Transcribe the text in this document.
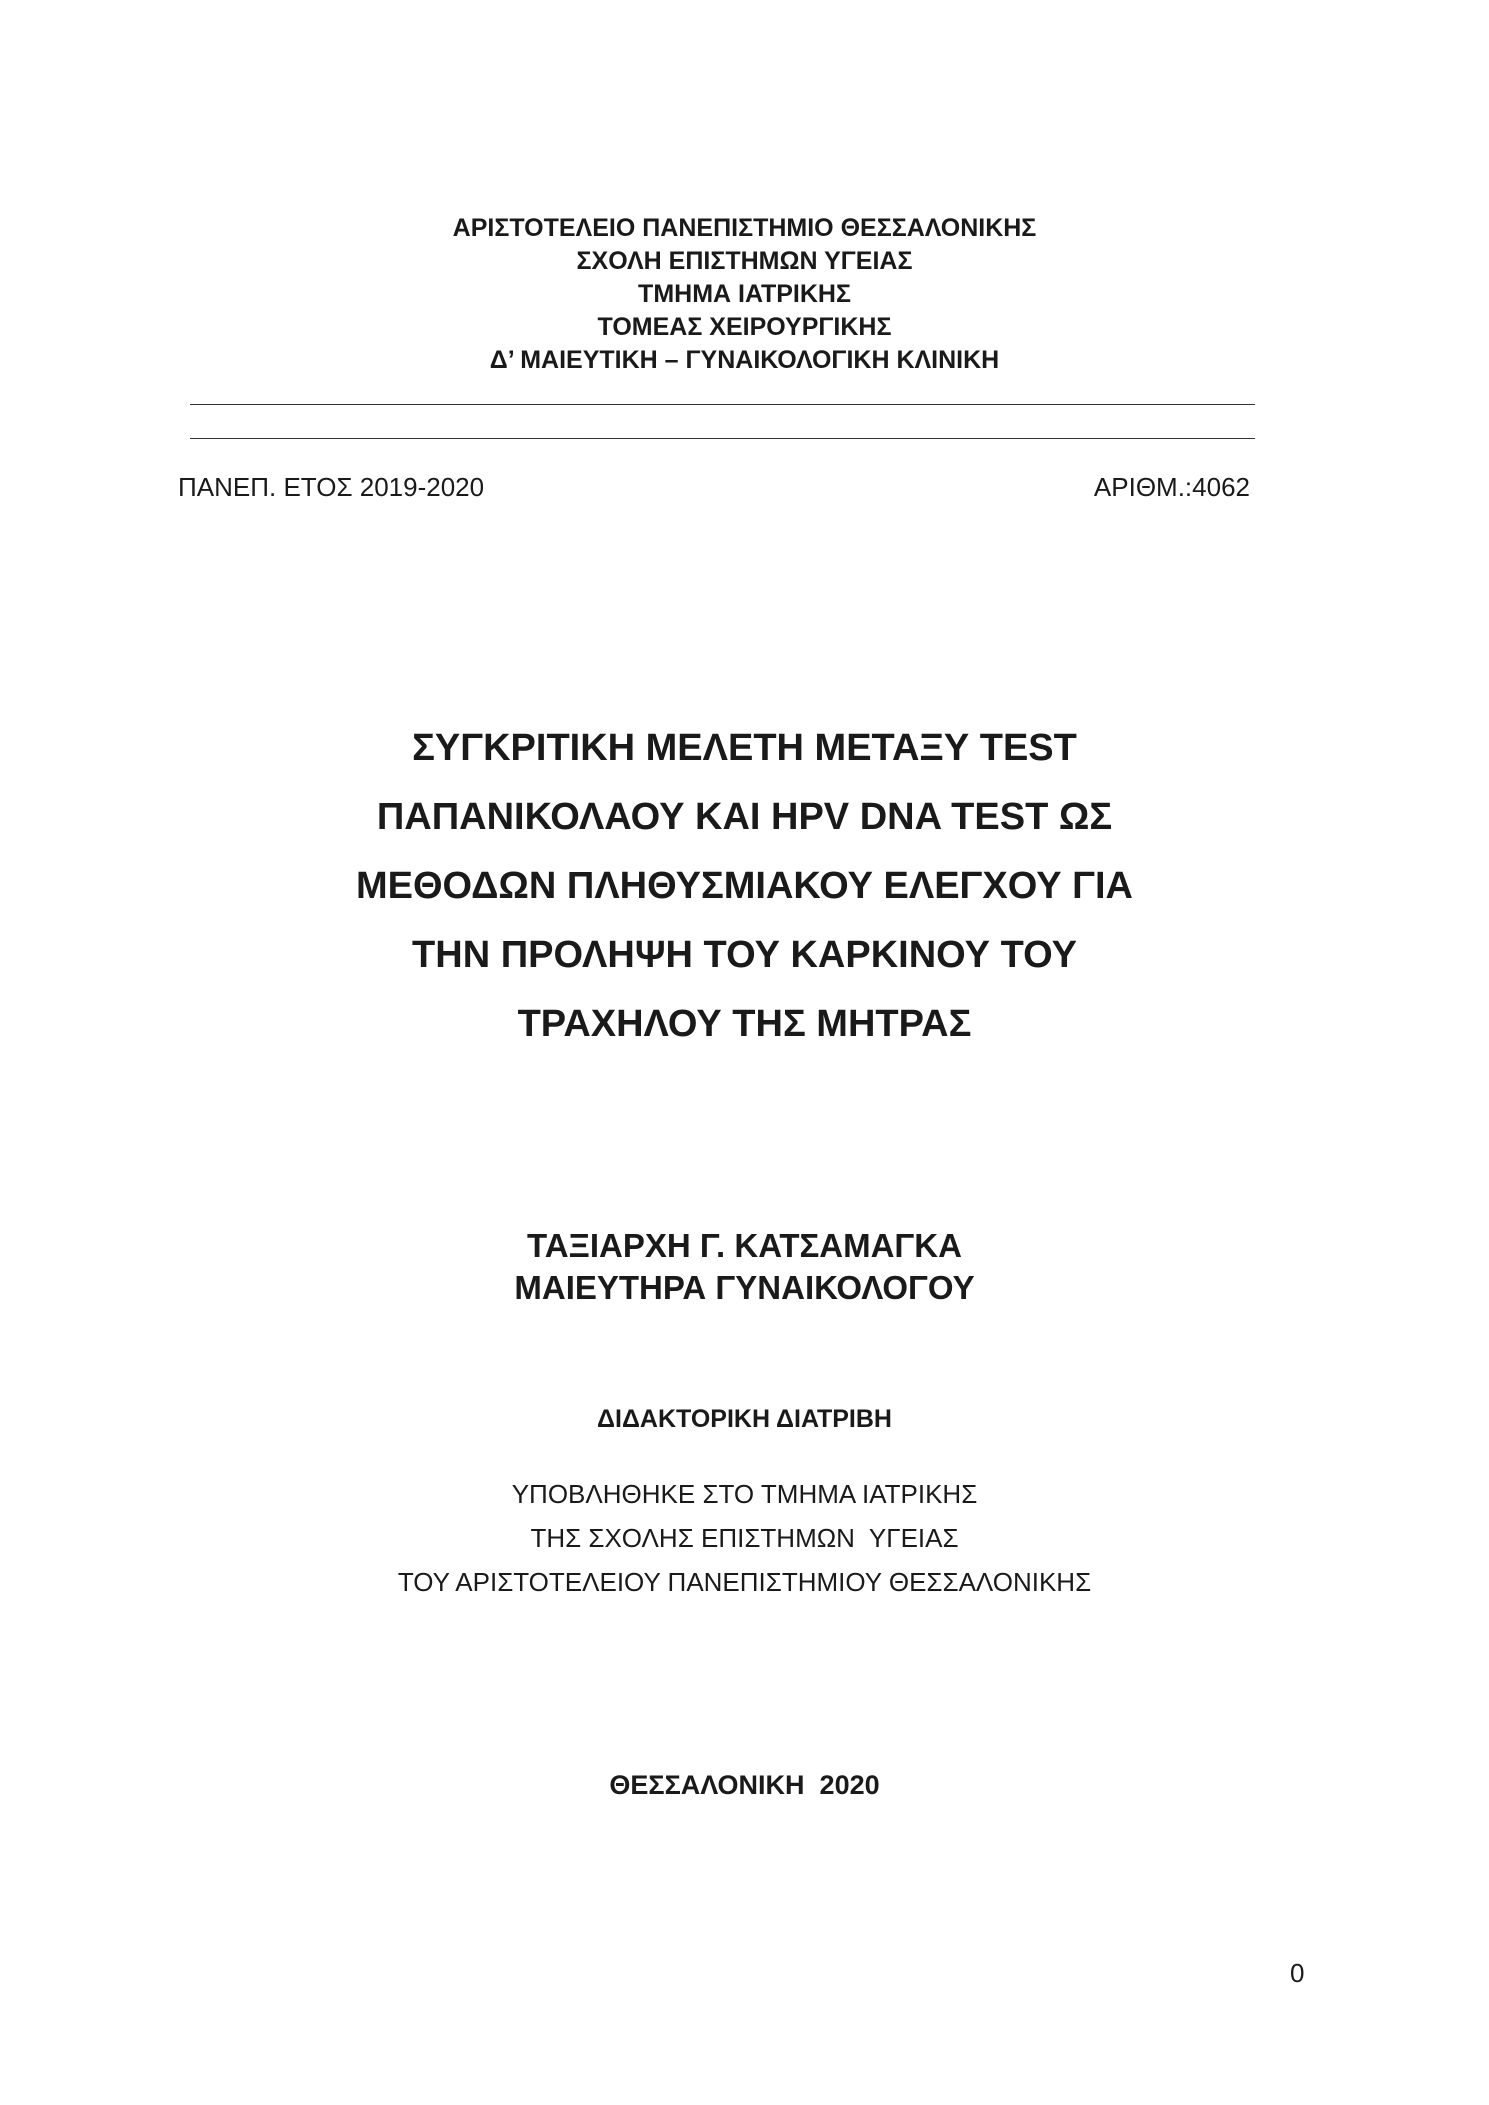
ΑΡΙΣΤΟΤΕΛΕΙΟ ΠΑΝΕΠΙΣΤΗΜΙΟ ΘΕΣΣΑΛΟΝΙΚΗΣ
ΣΧΟΛΗ ΕΠΙΣΤΗΜΩΝ ΥΓΕΙΑΣ
ΤΜΗΜΑ ΙΑΤΡΙΚΗΣ
ΤΟΜΕΑΣ ΧΕΙΡΟΥΡΓΙΚΗΣ
Δ’ ΜΑΙΕΥΤΙΚΗ – ΓΥΝΑΙΚΟΛΟΓΙΚΗ ΚΛΙΝΙΚΗ
ΠΑΝΕΠ. ΕΤΟΣ 2019-2020	ΑΡΙΘΜ.:4062
ΣΥΓΚΡΙΤΙΚΗ ΜΕΛΕΤΗ ΜΕΤΑΞΥ TEST
ΠΑΠΑΝΙΚΟΛΑΟΥ ΚΑΙ HPV DNA TEST ΩΣ
ΜΕΘΟΔΩΝ ΠΛΗΘΥΣΜΙΑΚΟΥ ΕΛΕΓΧΟΥ ΓΙΑ
ΤΗΝ ΠΡΟΛΗΨΗ ΤΟΥ ΚΑΡΚΙΝΟΥ ΤΟΥ
ΤΡΑΧΗΛΟΥ ΤΗΣ ΜΗΤΡΑΣ
ΤΑΞΙΑΡΧΗ Γ. ΚΑΤΣΑΜΑΓΚΑ
ΜΑΙΕΥΤΗΡΑ ΓΥΝΑΙΚΟΛΟΓΟΥ
ΔΙΔΑΚΤΟΡΙΚΗ ΔΙΑΤΡΙΒΗ
ΥΠΟΒΛΗΘΗΚΕ ΣΤΟ ΤΜΗΜΑ ΙΑΤΡΙΚΗΣ
ΤΗΣ ΣΧΟΛΗΣ ΕΠΙΣΤΗΜΩΝ  ΥΓΕΙΑΣ
ΤΟΥ ΑΡΙΣΤΟΤΕΛΕΙΟΥ ΠΑΝΕΠΙΣΤΗΜΙΟΥ ΘΕΣΣΑΛΟΝΙΚΗΣ
ΘΕΣΣΑΛΟΝΙΚΗ  2020
0
